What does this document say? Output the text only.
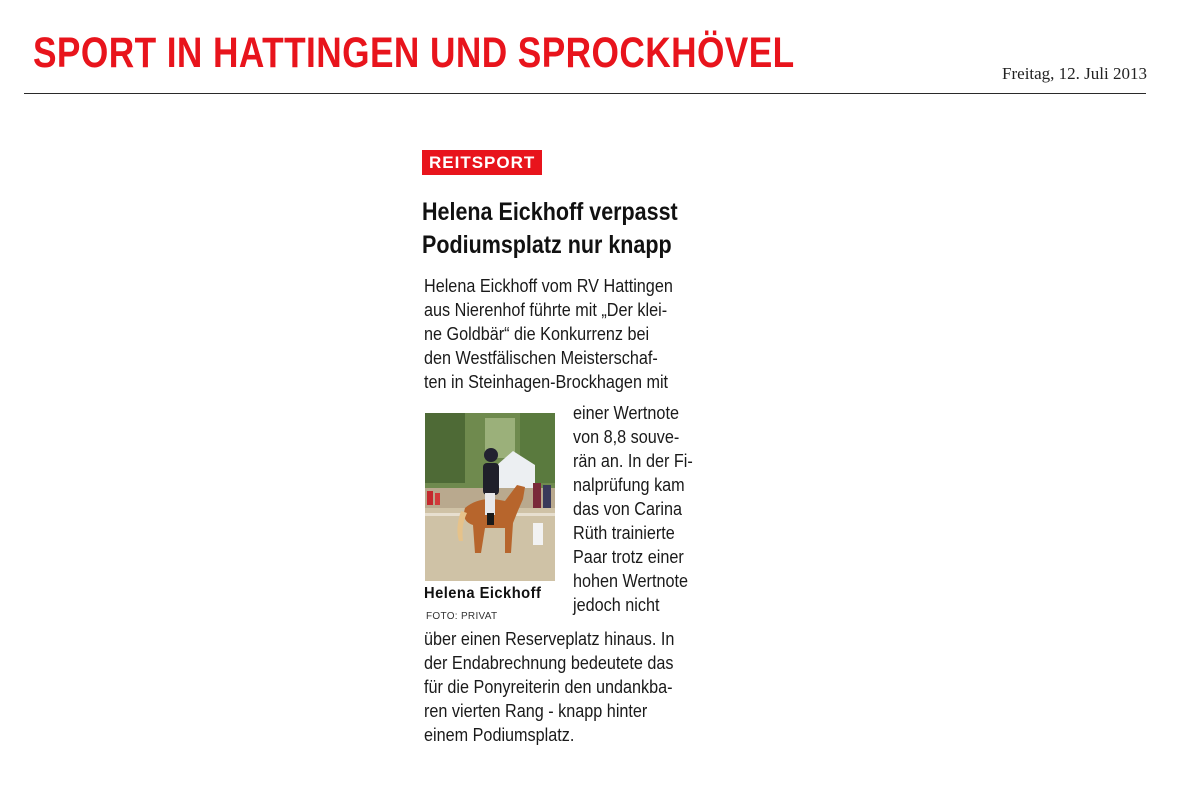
SPORT IN HATTINGEN UND SPROCKHÖVEL	Freitag, 12. Juli 2013
REITSPORT
Helena Eickhoff verpasst
Podiumsplatz nur knapp
Helena Eickhoff vom RV Hattingen
aus Nierenhof führte mit „Der klei-
ne Goldbär“ die Konkurrenz bei
den Westfälischen Meisterschaf-
ten in Steinhagen-Brockhagen mit
Helena Eickhoff
FOTO: PRIVAT
einer Wertnote
von 8,8 souve-
rän an. In der Fi-
nalprüfung kam
das von Carina
Rüth trainierte
Paar trotz einer
hohen Wertnote
jedoch nicht
über einen Reserveplatz hinaus. In
der Endabrechnung bedeutete das
für die Ponyreiterin den undankba-
ren vierten Rang - knapp hinter
einem Podiumsplatz.
